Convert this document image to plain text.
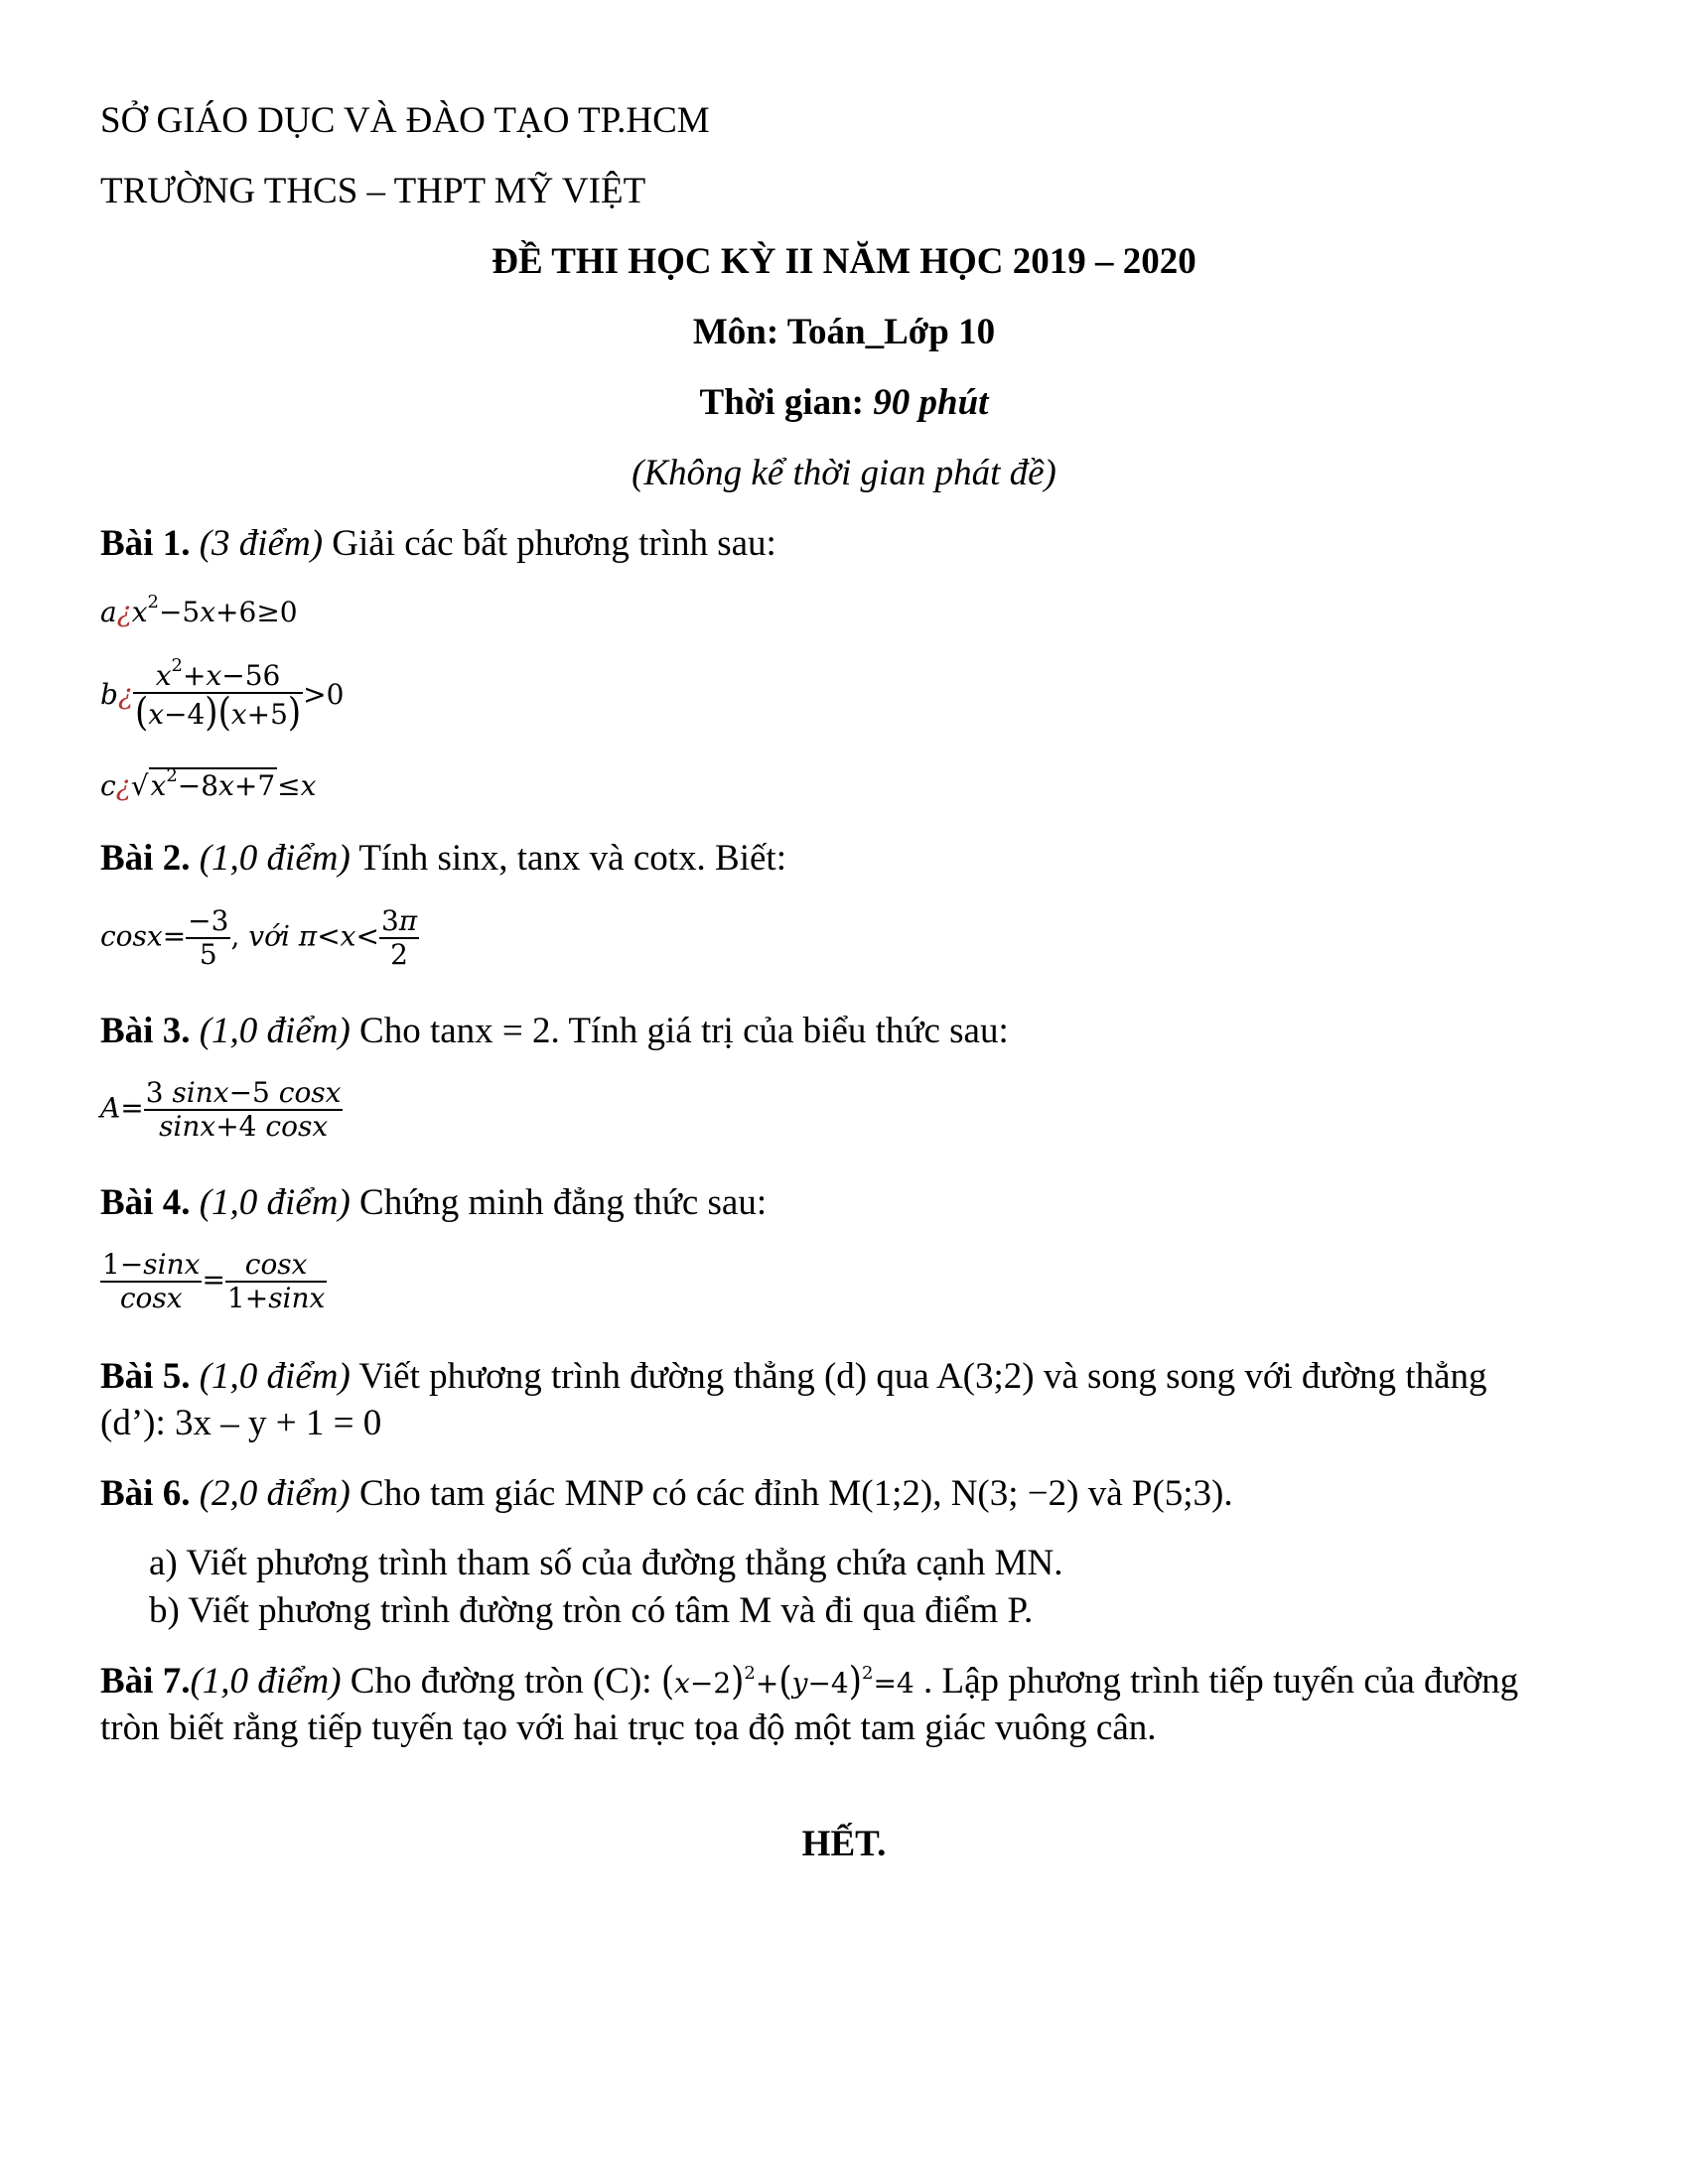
SỞ GIÁO DỤC VÀ ĐÀO TẠO TP.HCM
TRƯỜNG THCS – THPT MỸ VIỆT
ĐỀ THI HỌC KỲ II NĂM HỌC 2019 – 2020
Môn: Toán_Lớp 10
Thời gian: 90 phút
(Không kể thời gian phát đề)
Bài 1. (3 điểm) Giải các bất phương trình sau:
$a¿x^2-5x+6\ge 0$
b¿ $\frac{x^2+x-56}{(x-4)(x+5)} >0$
$c¿√x^2-8x+7\le x$
Bài 2. (1,0 điểm) Tính sinx, tanx và cotx. Biết:
$\cos x= \frac{-3}{5}$ , với $\pi<x< \frac{3\pi}{2}$
Bài 3. (1,0 điểm) Cho tanx = 2. Tính giá trị của biểu thức sau:
$A= \frac{3 \sin x-5 \cos x}{\sin x+4 \cos x}$
Bài 4. (1,0 điểm) Chứng minh đẳng thức sau:
$\frac{1-\sin x}{\cos x} = \frac{\cos x}{1+\sin x}$
Bài 5. (1,0 điểm) Viết phương trình đường thẳng (d) qua A(3;2) và song song với đường thẳng
(d’): 3x – y + 1 = 0
Bài 6. (2,0 điểm) Cho tam giác MNP có các đỉnh M(1;2), N(3; −2) và P(5;3).
a) Viết phương trình tham số của đường thẳng chứa cạnh MN.
b) Viết phương trình đường tròn có tâm M và đi qua điểm P.
Bài 7.(1,0 điểm) Cho đường tròn (C): $(x-2)^2+(y-4)^2=4$ . Lập phương trình tiếp tuyến của đường
tròn biết rằng tiếp tuyến tạo với hai trục tọa độ một tam giác vuông cân.
HẾT.
